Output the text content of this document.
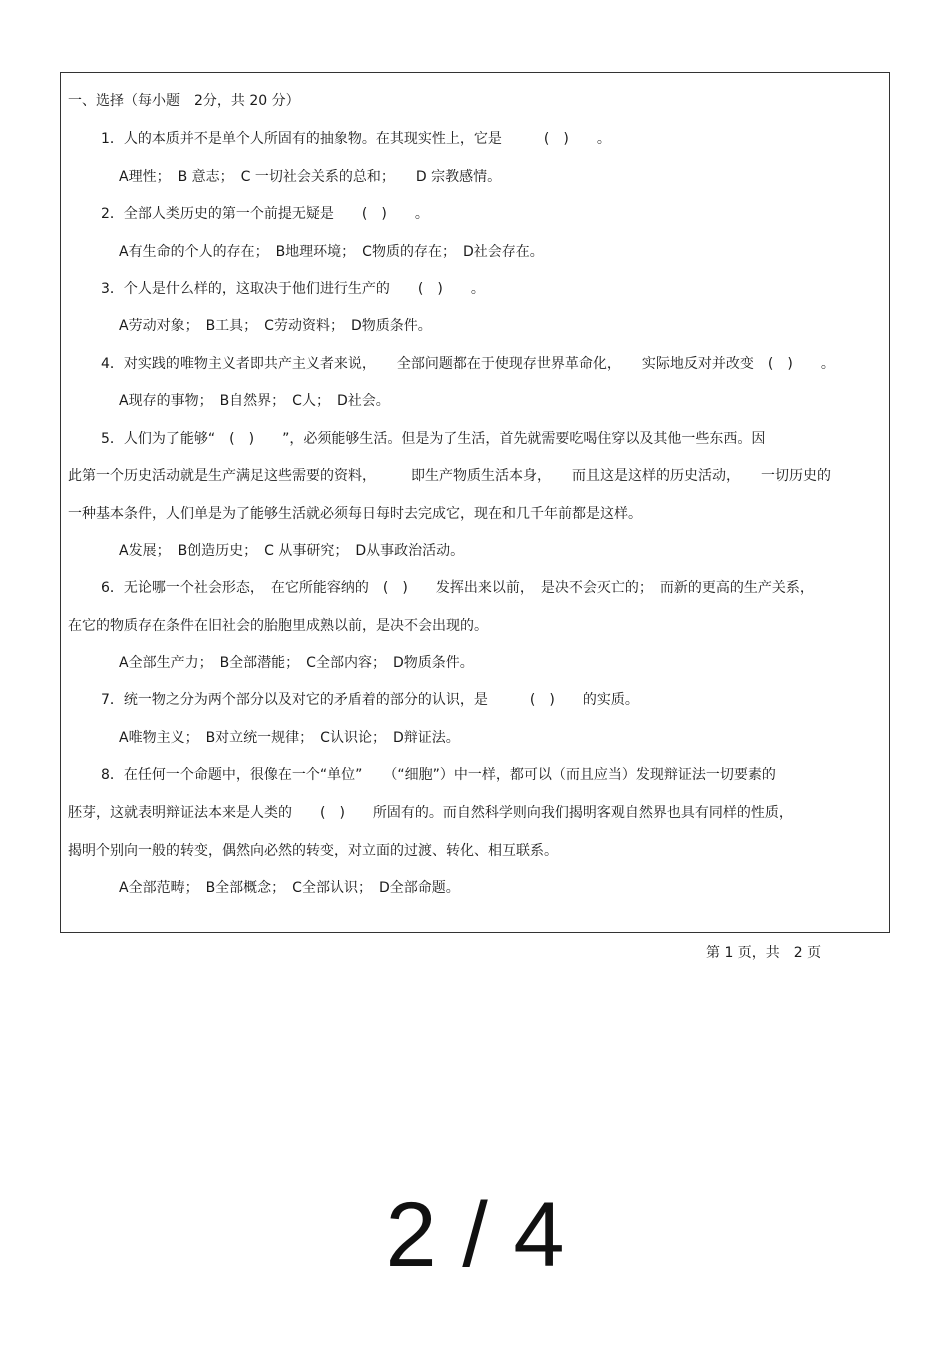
一、选择（每小题　2分，共 20 分）
1．人的本质并不是单个人所固有的抽象物。在其现实性上，它是　　　(　)　　。
A理性；　B 意志；　C 一切社会关系的总和；　　D 宗教感情。
2．全部人类历史的第一个前提无疑是　　(　)　　。
A有生命的个人的存在；　B地理环境；　C物质的存在；　D社会存在。
3．个人是什么样的，这取决于他们进行生产的　　(　)　　。
A劳动对象；　B工具；　C劳动资料；　D物质条件。
4．对实践的唯物主义者即共产主义者来说，　　全部问题都在于使现存世界革命化，　　实际地反对并改变　(　)　　。
A现存的事物；　B自然界；　C人；　D社会。
5．人们为了能够“　(　)　　”，必须能够生活。但是为了生活，首先就需要吃喝住穿以及其他一些东西。因
此第一个历史活动就是生产满足这些需要的资料，　　　即生产物质生活本身，　　而且这是这样的历史活动，　　一切历史的
一种基本条件，人们单是为了能够生活就必须每日每时去完成它，现在和几千年前都是这样。
A发展；　B创造历史；　C 从事研究；　D从事政治活动。
6．无论哪一个社会形态，　在它所能容纳的　(　)　　发挥出来以前，　是决不会灭亡的；　而新的更高的生产关系，
在它的物质存在条件在旧社会的胎胞里成熟以前，是决不会出现的。
A全部生产力；　B全部潜能；　C全部内容；　D物质条件。
7．统一物之分为两个部分以及对它的矛盾着的部分的认识，是　　　(　)　　的实质。
A唯物主义；　B对立统一规律；　C认识论；　D辩证法。
8．在任何一个命题中，很像在一个“单位”　　（“细胞”）中一样，都可以（而且应当）发现辩证法一切要素的
胚芽，这就表明辩证法本来是人类的　　(　)　　所固有的。而自然科学则向我们揭明客观自然界也具有同样的性质，
揭明个别向一般的转变，偶然向必然的转变，对立面的过渡、转化、相互联系。
A全部范畴；　B全部概念；　C全部认识；　D全部命题。
第 1 页，共　2 页
2 / 4
